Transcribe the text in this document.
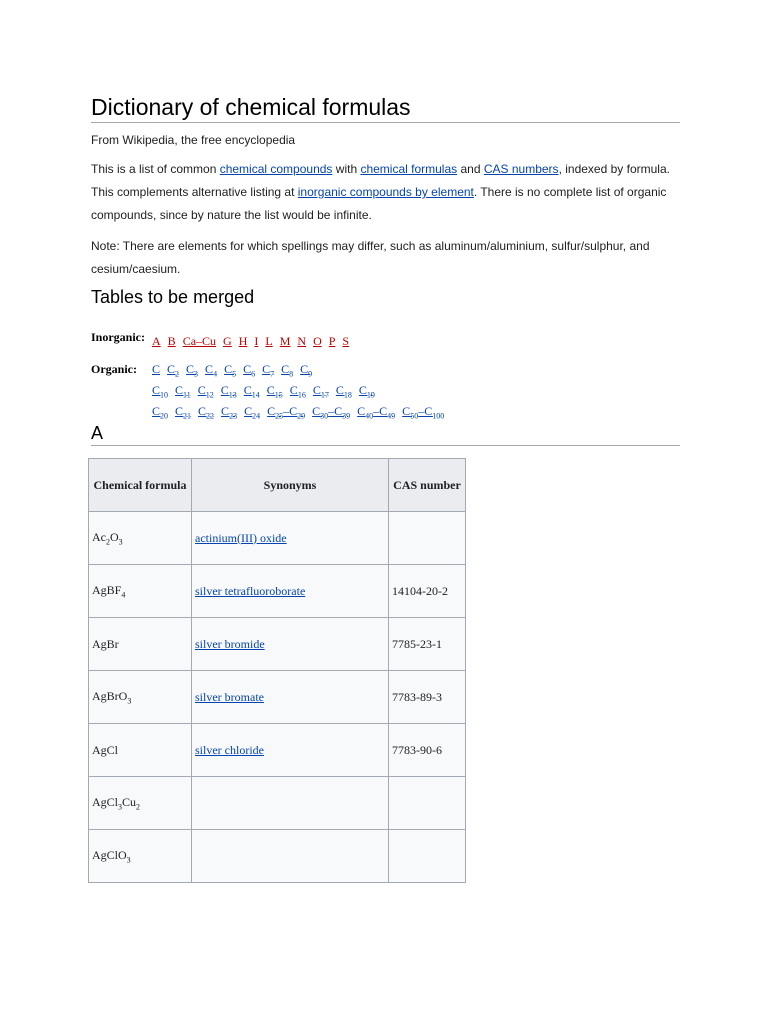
Dictionary of chemical formulas
From Wikipedia, the free encyclopedia
This is a list of common chemical compounds with chemical formulas and CAS numbers, indexed by formula. This complements alternative listing at inorganic compounds by element. There is no complete list of organic compounds, since by nature the list would be infinite.
Note: There are elements for which spellings may differ, such as aluminum/aluminium, sulfur/sulphur, and cesium/caesium.
Tables to be merged
Inorganic: A B Ca–Cu G H I L M N O P S
Organic: C $C_2$ $C_3$ $C_4$ $C_5$ $C_6$ $C_7$ $C_8$ $C_9$
$C_{10}$ $C_{11}$ $C_{12}$ $C_{13}$ $C_{14}$ $C_{15}$ $C_{16}$ $C_{17}$ $C_{18}$ $C_{19}$
$C_{20}$ $C_{21}$ $C_{22}$ $C_{23}$ $C_{24}$ $C_{25}-C_{29}$ $C_{30}-C_{39}$ $C_{40}-C_{49}$ $C_{50}-C_{100}$
A
Chemical formula	Synonyms	CAS number
$Ac_2O_3$	actinium(III) oxide	
AgBF$_4$	silver tetrafluoroborate	14104-20-2
AgBr	silver bromide	7785-23-1
AgBrO$_3$	silver bromate	7783-89-3
AgCl	silver chloride	7783-90-6
$AgCl_3Cu_2$		
AgClO$_3$		
